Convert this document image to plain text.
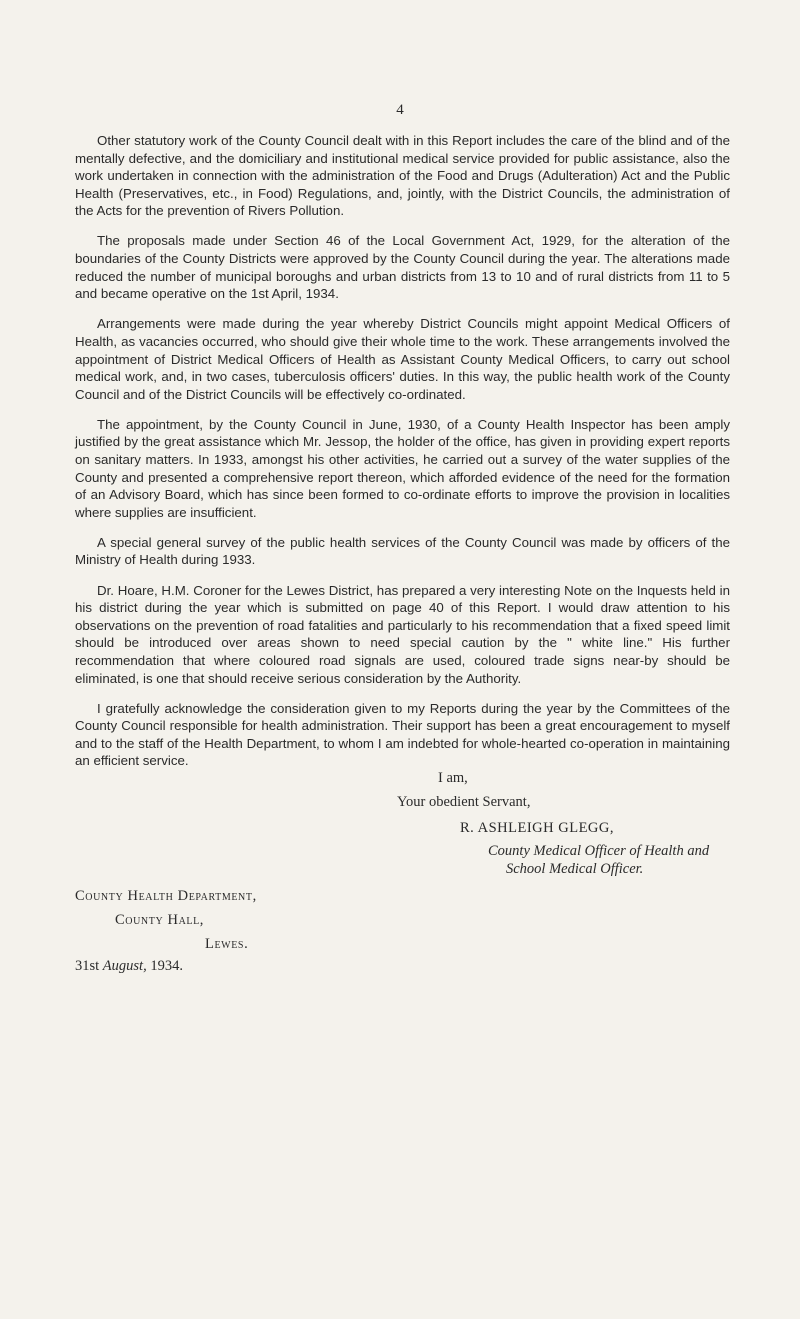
4

Other statutory work of the County Council dealt with in this Report includes the care of the blind and of the mentally defective, and the domiciliary and institutional medical service provided for public assistance, also the work undertaken in connection with the administration of the Food and Drugs (Adulteration) Act and the Public Health (Preservatives, etc., in Food) Regulations, and, jointly, with the District Councils, the administration of the Acts for the prevention of Rivers Pollution.

The proposals made under Section 46 of the Local Government Act, 1929, for the alteration of the boundaries of the County Districts were approved by the County Council during the year. The alterations made reduced the number of municipal boroughs and urban districts from 13 to 10 and of rural districts from 11 to 5 and became operative on the 1st April, 1934.

Arrangements were made during the year whereby District Councils might appoint Medical Officers of Health, as vacancies occurred, who should give their whole time to the work. These arrangements involved the appointment of District Medical Officers of Health as Assistant County Medical Officers, to carry out school medical work, and, in two cases, tuberculosis officers' duties. In this way, the public health work of the County Council and of the District Councils will be effectively co-ordinated.

The appointment, by the County Council in June, 1930, of a County Health Inspector has been amply justified by the great assistance which Mr. Jessop, the holder of the office, has given in providing expert reports on sanitary matters. In 1933, amongst his other activities, he carried out a survey of the water supplies of the County and presented a comprehensive report thereon, which afforded evidence of the need for the formation of an Advisory Board, which has since been formed to co-ordinate efforts to improve the provision in localities where supplies are insufficient.

A special general survey of the public health services of the County Council was made by officers of the Ministry of Health during 1933.

Dr. Hoare, H.M. Coroner for the Lewes District, has prepared a very interesting Note on the Inquests held in his district during the year which is submitted on page 40 of this Report. I would draw attention to his observations on the prevention of road fatalities and particularly to his recommendation that a fixed speed limit should be introduced over areas shown to need special caution by the " white line." His further recommendation that where coloured road signals are used, coloured trade signs near-by should be eliminated, is one that should receive serious consideration by the Authority.

I gratefully acknowledge the consideration given to my Reports during the year by the Committees of the County Council responsible for health administration. Their support has been a great encouragement to myself and to the staff of the Health Department, to whom I am indebted for whole-hearted co-operation in maintaining an efficient service.

I am,
Your obedient Servant,
R. ASHLEIGH GLEGG,
County Medical Officer of Health and
School Medical Officer.
County Health Department,
County Hall,
Lewes.
31st August, 1934.
